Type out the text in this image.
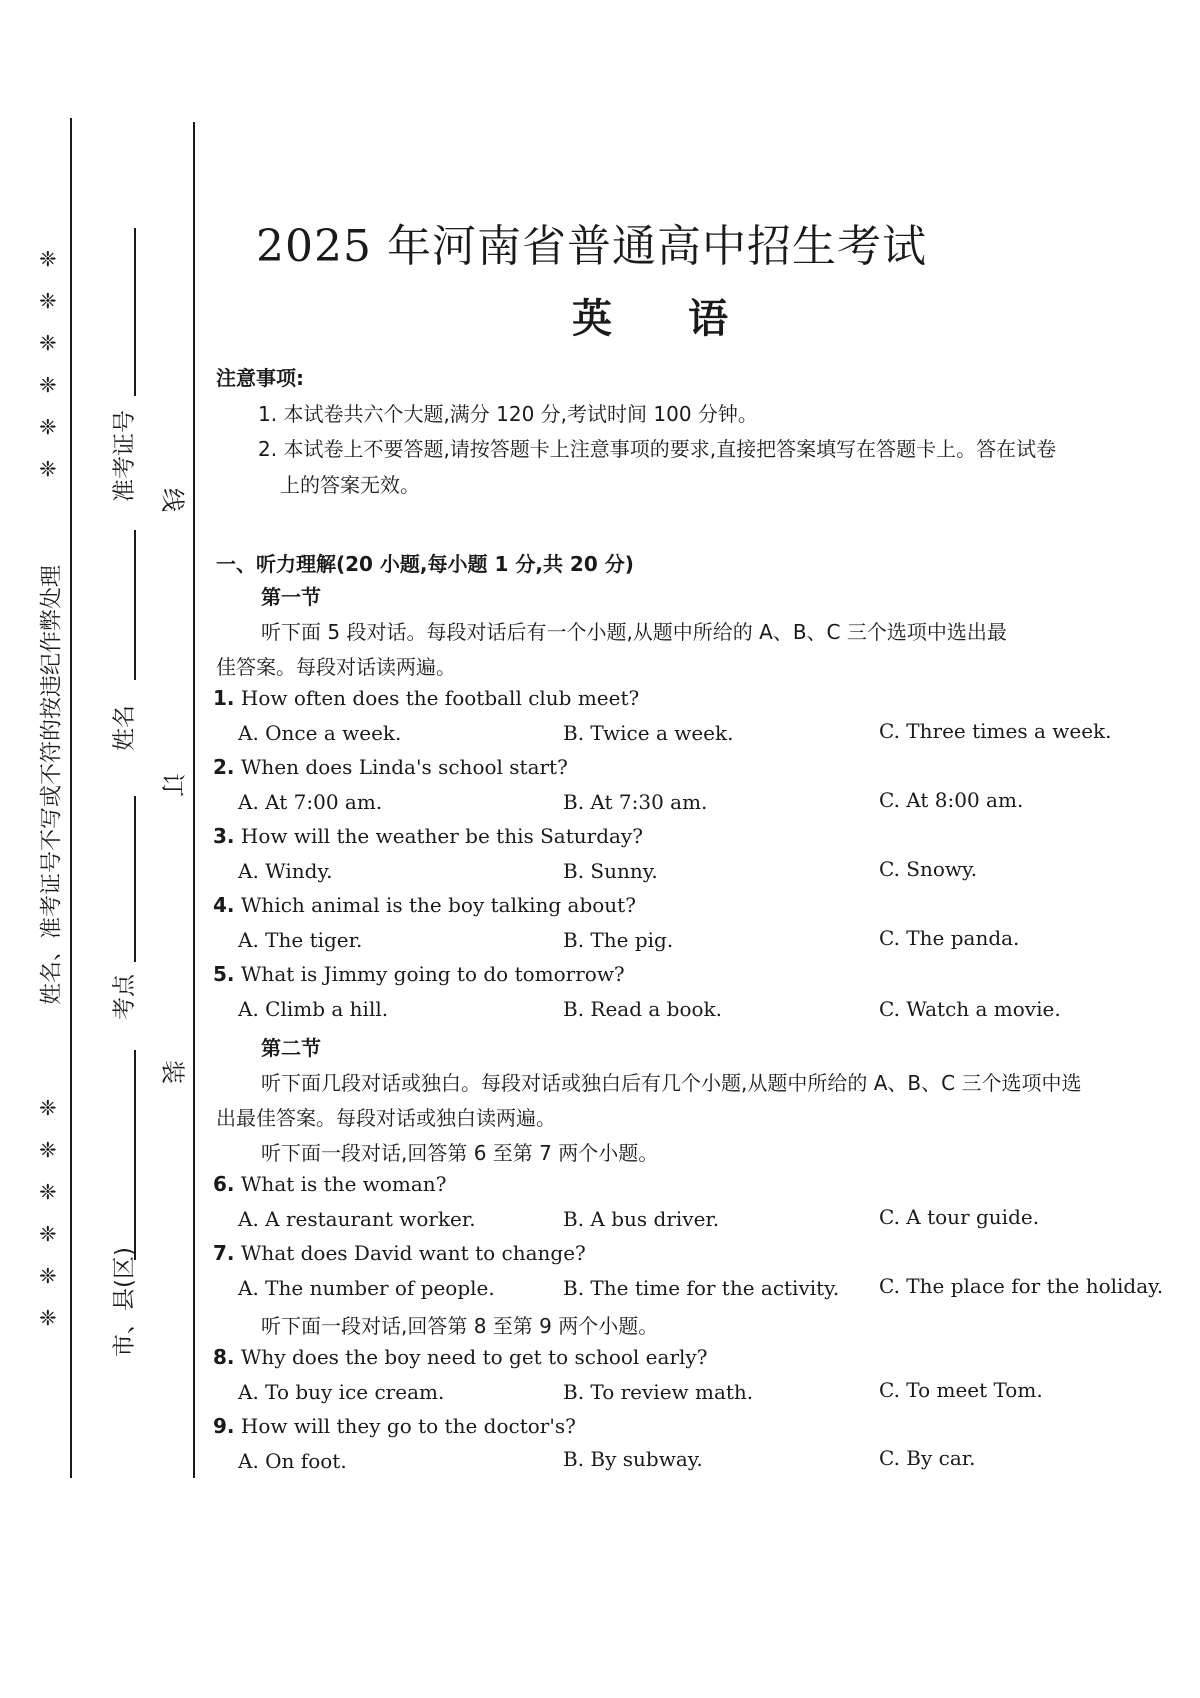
❈
❈
❈
❈
❈
❈
❈
❈
❈
❈
❈
❈
姓名、准考证号不写或不符的按违纪作弊处理
准考证号
姓名
考点
市、县(区)
线
订
装
2025 年河南省普通高中招生考试
英 语
注意事项:
1. 本试卷共六个大题,满分 120 分,考试时间 100 分钟。
2. 本试卷上不要答题,请按答题卡上注意事项的要求,直接把答案填写在答题卡上。答在试卷
上的答案无效。
一、听力理解(20 小题,每小题 1 分,共 20 分)
第一节
听下面 5 段对话。每段对话后有一个小题,从题中所给的 A、B、C 三个选项中选出最
佳答案。每段对话读两遍。
1. How often does the football club meet?
A. Once a week.	B. Twice a week.	C. Three times a week.
2. When does Linda's school start?
A. At 7:00 am.	B. At 7:30 am.	C. At 8:00 am.
3. How will the weather be this Saturday?
A. Windy.	B. Sunny.	C. Snowy.
4. Which animal is the boy talking about?
A. The tiger.	B. The pig.	C. The panda.
5. What is Jimmy going to do tomorrow?
A. Climb a hill.	B. Read a book.	C. Watch a movie.
第二节
听下面几段对话或独白。每段对话或独白后有几个小题,从题中所给的 A、B、C 三个选项中选
出最佳答案。每段对话或独白读两遍。
听下面一段对话,回答第 6 至第 7 两个小题。
6. What is the woman?
A. A restaurant worker.	B. A bus driver.	C. A tour guide.
7. What does David want to change?
A. The number of people.	B. The time for the activity. C. The place for the holiday.
听下面一段对话,回答第 8 至第 9 两个小题。
8. Why does the boy need to get to school early?
A. To buy ice cream.	B. To review math.	C. To meet Tom.
9. How will they go to the doctor's?
A. On foot.	B. By subway.	C. By car.
